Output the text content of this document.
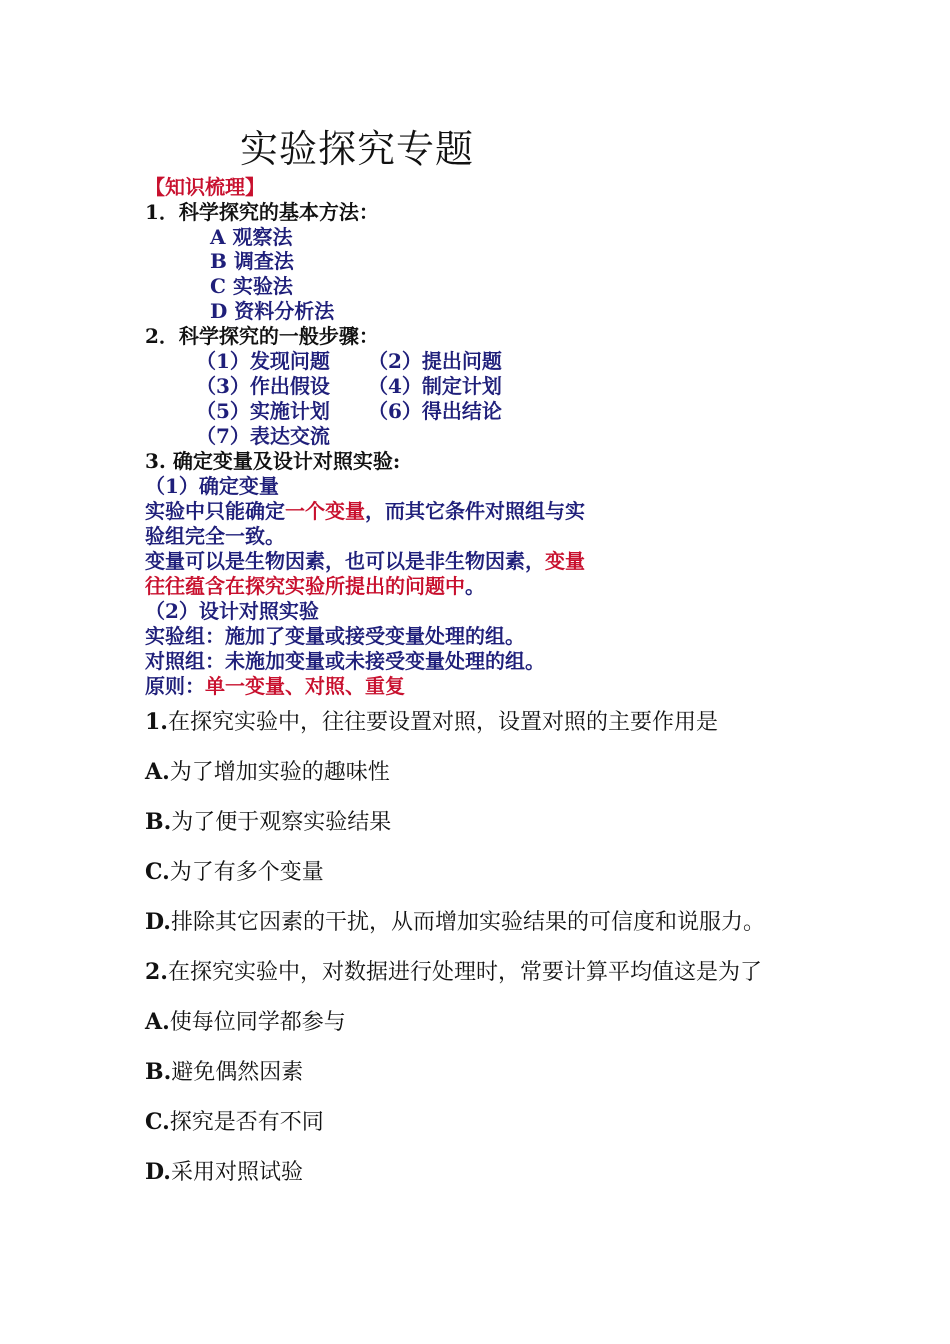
实验探究专题
【知识梳理】
1．科学探究的基本方法：
A 观察法
B 调查法
C 实验法
D 资料分析法
2．科学探究的一般步骤：
（1）发现问题 （2）提出问题
（3）作出假设 （4）制定计划
（5）实施计划 （6）得出结论
（7）表达交流
3. 确定变量及设计对照实验:
（1）确定变量
实验中只能确定一个变量，而其它条件对照组与实
验组完全一致。
变量可以是生物因素，也可以是非生物因素，变量
往往蕴含在探究实验所提出的问题中。
（2）设计对照实验
实验组：施加了变量或接受变量处理的组。
对照组：未施加变量或未接受变量处理的组。
原则：单一变量、对照、重复
1.在探究实验中，往往要设置对照，设置对照的主要作用是
A.为了增加实验的趣味性
B.为了便于观察实验结果
C.为了有多个变量
D.排除其它因素的干扰，从而增加实验结果的可信度和说服力。
2.在探究实验中，对数据进行处理时，常要计算平均值这是为了
A.使每位同学都参与
B.避免偶然因素
C.探究是否有不同
D.采用对照试验
